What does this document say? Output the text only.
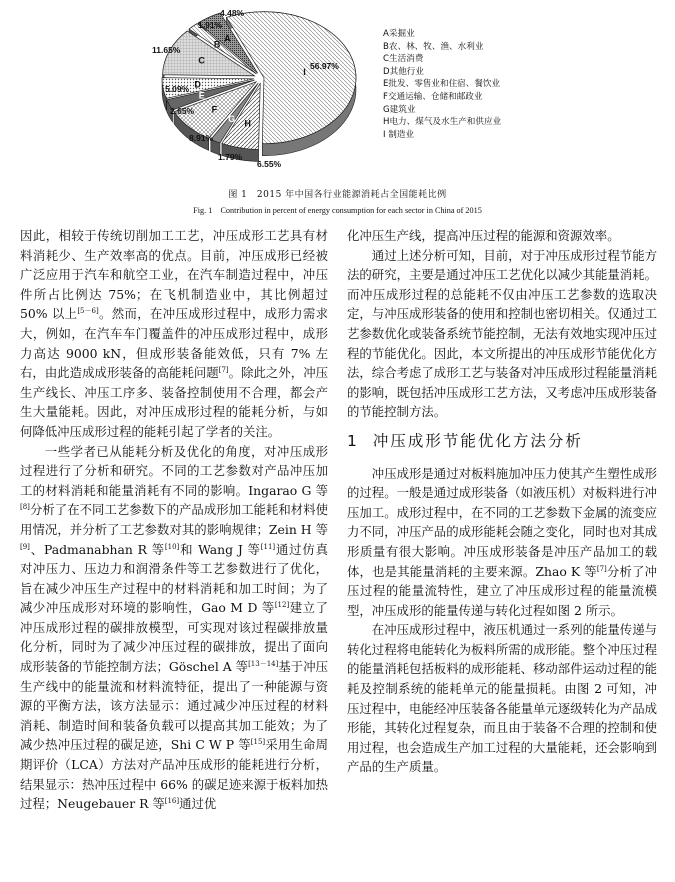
A
B
C
D
E
F
G H
I
A采掘业
B农、林、牧、渔、水利业
C生活消费
D其他行业
E批发、零售业和住宿、餐饮业
F交通运输、仓储和邮政业
G建筑业
H电力、煤气及水生产和供应业
I 制造业
4.48%
1.91%
11.65%
5.09%
2.65%
8.91%
1.79%
6.55%
56.97%
图 1　2015 年中国各行业能源消耗占全国能耗比例
Fig. 1　Contribution in percent of energy consumption for each sector in China of 2015

因此，相较于传统切削加工工艺，冲压成形工艺具有材料消耗少、生产效率高的优点。目前，冲压成形已经被广泛应用于汽车和航空工业，在汽车制造过程中，冲压件所占比例达 75%；在飞机制造业中，其比例超过 50% 以上[5－6]。然而，在冲压成形过程中，成形力需求大，例如，在汽车车门覆盖件的冲压成形过程中，成形力高达 9000 kN，但成形装备能效低，只有 7% 左右，由此造成成形装备的高能耗问题[7]。除此之外，冲压生产线长、冲压工序多、装备控制使用不合理，都会产生大量能耗。因此，对冲压成形过程的能耗分析，与如何降低冲压成形过程的能耗引起了学者的关注。

一些学者已从能耗分析及优化的角度，对冲压成形过程进行了分析和研究。不同的工艺参数对产品冲压加工的材料消耗和能量消耗有不同的影响。Ingarao G 等[8]分析了在不同工艺参数下的产品成形加工能耗和材料使用情况，并分析了工艺参数对其的影响规律；Zein H 等[9]、Padmanabhan R 等[10]和 Wang J 等[11]通过仿真对冲压力、压边力和润滑条件等工艺参数进行了优化，旨在减少冲压生产过程中的材料消耗和加工时间；为了减少冲压成形对环境的影响性，Gao M D 等[12]建立了冲压成形过程的碳排放模型，可实现对该过程碳排放量化分析，同时为了减少冲压过程的碳排放，提出了面向成形装备的节能控制方法；Göschel A 等[13－14]基于冲压生产线中的能量流和材料流特征，提出了一种能源与资源的平衡方法，该方法显示：通过减少冲压过程的材料消耗、制造时间和装备负载可以提高其加工能效；为了减少热冲压过程的碳足迹，Shi C W P 等[15]采用生命周期评价（LCA）方法对产品冲压成形的能耗进行分析，结果显示：热冲压过程中 66% 的碳足迹来源于板料加热过程；Neugebauer R 等[16]通过优

化冲压生产线，提高冲压过程的能源和资源效率。

通过上述分析可知，目前，对于冲压成形过程节能方法的研究，主要是通过冲压工艺优化以减少其能量消耗。而冲压成形过程的总能耗不仅由冲压工艺参数的选取决定，与冲压成形装备的使用和控制也密切相关。仅通过工艺参数优化或装备系统节能控制，无法有效地实现冲压过程的节能优化。因此，本文所提出的冲压成形节能优化方法，综合考虑了成形工艺与装备对冲压成形过程能量消耗的影响，既包括冲压成形工艺方法，又考虑冲压成形装备的节能控制方法。

1 冲压成形节能优化方法分析

冲压成形是通过对板料施加冲压力使其产生塑性成形的过程。一般是通过成形装备（如液压机）对板料进行冲压加工。成形过程中，在不同的工艺参数下金属的流变应力不同，冲压产品的成形能耗会随之变化，同时也对其成形质量有很大影响。冲压成形装备是冲压产品加工的载体，也是其能量消耗的主要来源。Zhao K 等[7]分析了冲压过程的能量流特性，建立了冲压成形过程的能量流模型，冲压成形的能量传递与转化过程如图 2 所示。

在冲压成形过程中，液压机通过一系列的能量传递与转化过程将电能转化为板料所需的成形能。整个冲压过程的能量消耗包括板料的成形能耗、移动部件运动过程的能耗及控制系统的能耗单元的能量损耗。由图 2 可知，冲压过程中，电能经冲压装备各能量单元逐级转化为产品成形能，其转化过程复杂，而且由于装备不合理的控制和使用过程，也会造成生产加工过程的大量能耗，还会影响到产品的生产质量。
